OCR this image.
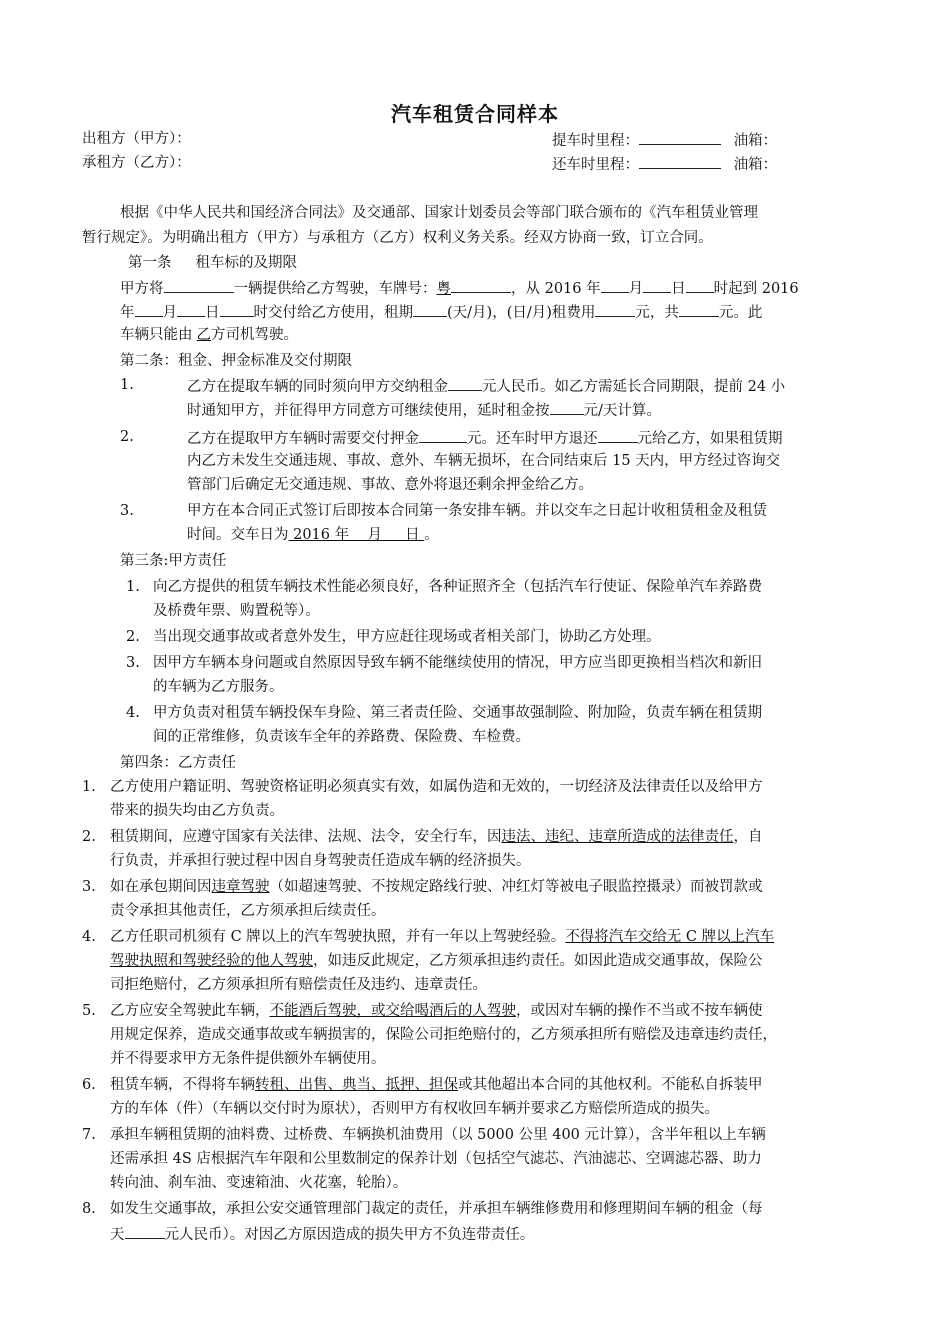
汽车租赁合同样本
出租方（甲方）：	提车时里程：	油箱：
承租方（乙方）：	还车时里程：	油箱：
根据《中华人民共和国经济合同法》及交通部、国家计划委员会等部门联合颁布的《汽车租赁业管理
暂行规定》。为明确出租方（甲方）与承租方（乙方）权利义务关系。经双方协商一致，订立合同。
第一条 租车标的及期限
甲方将	一辆提供给乙方驾驶，车牌号：粤	，从 2016 年 月 日 时起到 2016
年 月 日 时交付给乙方使用，租期 (天/月)，(日/月)租费用	元，共	元。此
车辆只能由 乙方司机驾驶。
第二条：租金、押金标准及交付期限
1.	乙方在提取车辆的同时须向甲方交纳租金 元人民币。如乙方需延长合同期限，提前 24 小
时通知甲方，并征得甲方同意方可继续使用，延时租金按 元/天计算。
2.	乙方在提取甲方车辆时需要交付押金	元。还车时甲方退还	元给乙方，如果租赁期
内乙方未发生交通违规、事故、意外、车辆无损坏，在合同结束后 15 天内，甲方经过咨询交
管部门后确定无交通违规、事故、意外将退还剩余押金给乙方。
3.	甲方在本合同正式签订后即按本合同第一条安排车辆。并以交车之日起计收租赁租金及租赁
时间。交车日为 2016 年    月     日 。
第三条:甲方责任
1. 向乙方提供的租赁车辆技术性能必须良好，各种证照齐全（包括汽车行使证、保险单汽车养路费
及桥费年票、购置税等）。
2. 当出现交通事故或者意外发生，甲方应赶往现场或者相关部门，协助乙方处理。
3. 因甲方车辆本身问题或自然原因导致车辆不能继续使用的情况，甲方应当即更换相当档次和新旧
的车辆为乙方服务。
4. 甲方负责对租赁车辆投保车身险、第三者责任险、交通事故强制险、附加险，负责车辆在租赁期
间的正常维修，负责该车全年的养路费、保险费、车检费。
第四条：乙方责任
1. 乙方使用户籍证明、驾驶资格证明必须真实有效，如属伪造和无效的，一切经济及法律责任以及给甲方
带来的损失均由乙方负责。
2. 租赁期间，应遵守国家有关法律、法规、法令，安全行车，因违法、违纪、违章所造成的法律责任，自
行负责，并承担行驶过程中因自身驾驶责任造成车辆的经济损失。
3. 如在承包期间因违章驾驶（如超速驾驶、不按规定路线行驶、冲红灯等被电子眼监控摄录）而被罚款或
责令承担其他责任，乙方须承担后续责任。
4. 乙方任职司机须有 C 牌以上的汽车驾驶执照，并有一年以上驾驶经验。不得将汽车交给无 C 牌以上汽车
驾驶执照和驾驶经验的他人驾驶，如违反此规定，乙方须承担违约责任。如因此造成交通事故，保险公
司拒绝赔付，乙方须承担所有赔偿责任及违约、违章责任。
5. 乙方应安全驾驶此车辆，不能酒后驾驶，或交给喝酒后的人驾驶，或因对车辆的操作不当或不按车辆使
用规定保养，造成交通事故或车辆损害的，保险公司拒绝赔付的，乙方须承担所有赔偿及违章违约责任，
并不得要求甲方无条件提供额外车辆使用。
6. 租赁车辆，不得将车辆转租、出售、典当、抵押、担保或其他超出本合同的其他权利。不能私自拆装甲
方的车体（件）（车辆以交付时为原状），否则甲方有权收回车辆并要求乙方赔偿所造成的损失。
7. 承担车辆租赁期的油料费、过桥费、车辆换机油费用（以 5000 公里 400 元计算），含半年租以上车辆
还需承担 4S 店根据汽车年限和公里数制定的保养计划（包括空气滤芯、汽油滤芯、空调滤芯器、助力
转向油、刹车油、变速箱油、火花塞，轮胎）。
8. 如发生交通事故，承担公安交通管理部门裁定的责任，并承担车辆维修费用和修理期间车辆的租金（每
天	元人民币）。对因乙方原因造成的损失甲方不负连带责任。
